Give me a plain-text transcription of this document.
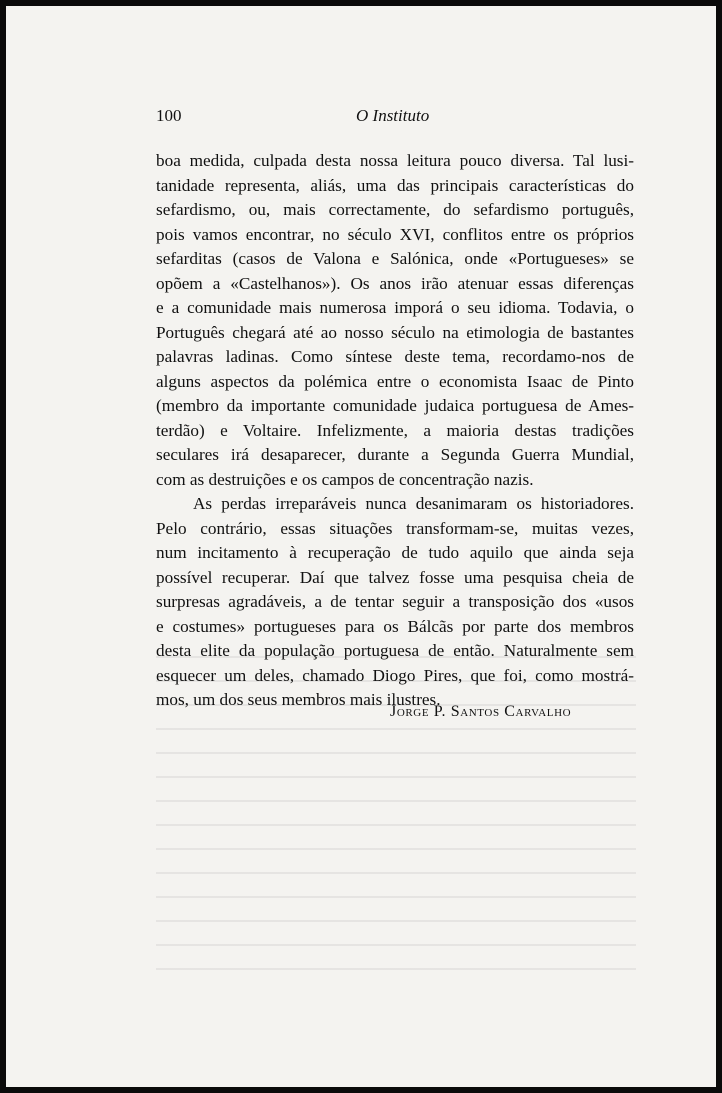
100	O Instituto
boa medida, culpada desta nossa leitura pouco diversa. Tal lusi-
tanidade representa, aliás, uma das principais características do
sefardismo, ou, mais correctamente, do sefardismo português,
pois vamos encontrar, no século XVI, conflitos entre os próprios
sefarditas (casos de Valona e Salónica, onde «Portugueses» se
opõem a «Castelhanos»). Os anos irão atenuar essas diferenças
e a comunidade mais numerosa imporá o seu idioma. Todavia, o
Português chegará até ao nosso século na etimologia de bastantes
palavras ladinas. Como síntese deste tema, recordamo-nos de
alguns aspectos da polémica entre o economista Isaac de Pinto
(membro da importante comunidade judaica portuguesa de Ames-
terdão) e Voltaire. Infelizmente, a maioria destas tradições
seculares irá desaparecer, durante a Segunda Guerra Mundial,
com as destruições e os campos de concentração nazis.
As perdas irreparáveis nunca desanimaram os historiadores.
Pelo contrário, essas situações transformam-se, muitas vezes,
num incitamento à recuperação de tudo aquilo que ainda seja
possível recuperar. Daí que talvez fosse uma pesquisa cheia de
surpresas agradáveis, a de tentar seguir a transposição dos «usos
e costumes» portugueses para os Bálcãs por parte dos membros
desta elite da população portuguesa de então. Naturalmente sem
esquecer um deles, chamado Diogo Pires, que foi, como mostrá-
mos, um dos seus membros mais ilustres.
Jorge P. Santos Carvalho
